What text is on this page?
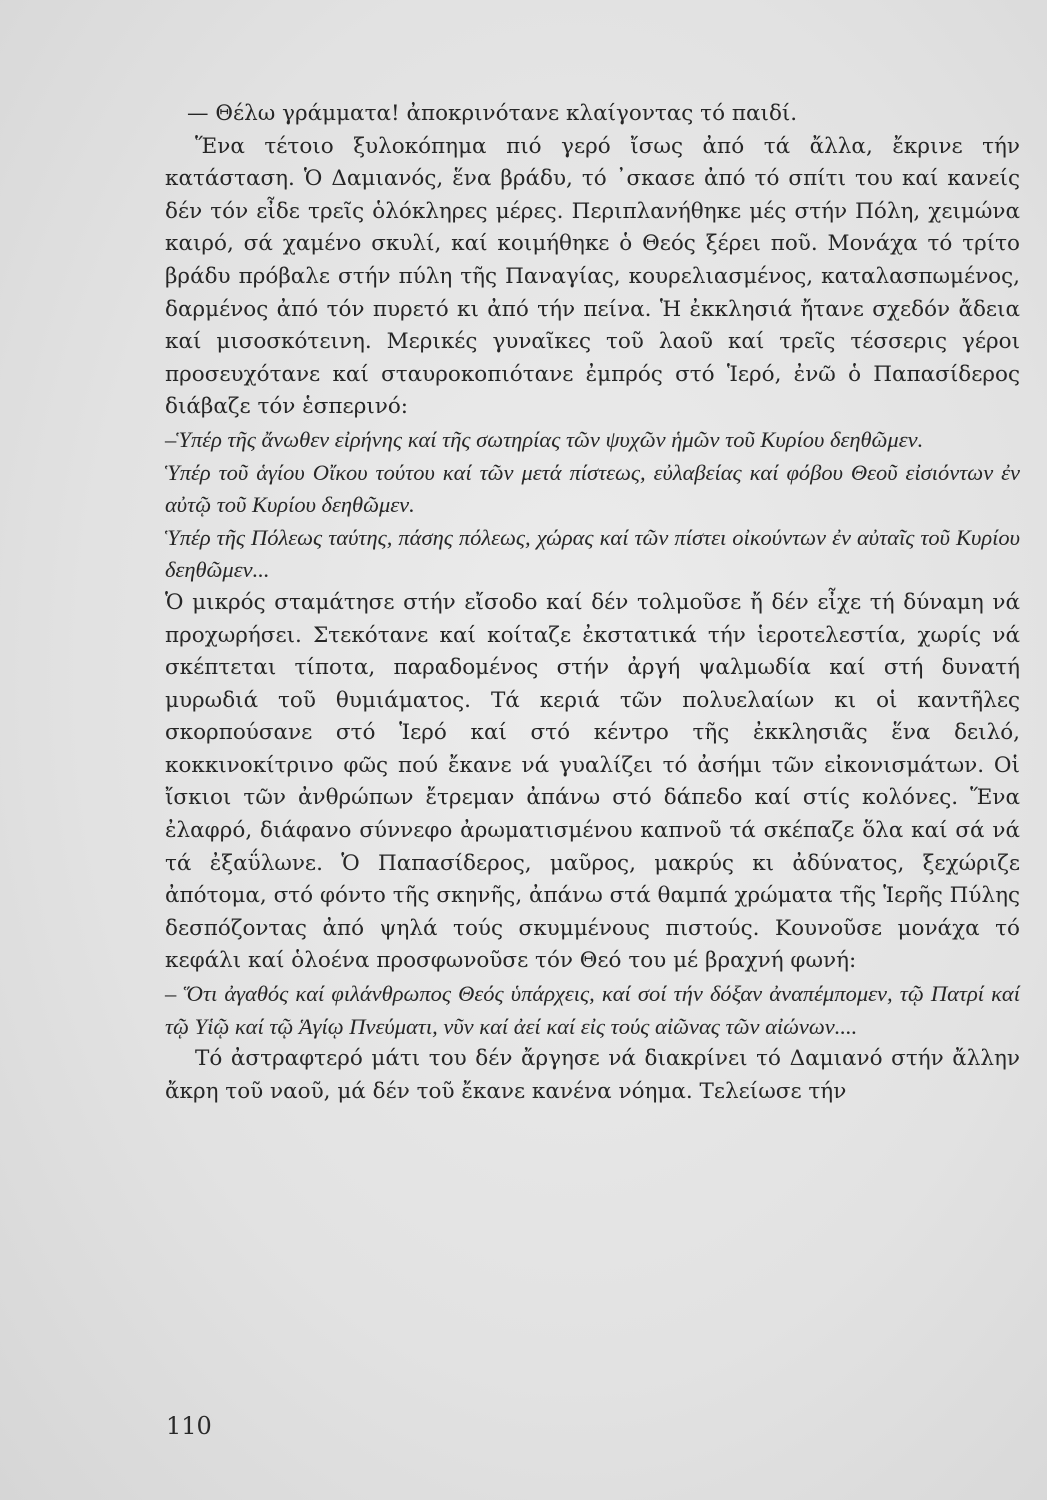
— Θέλω γράμματα! ἀποκρινότανε κλαίγοντας τό παιδί.

Ἕνα τέτοιο ξυλοκόπημα πιό γερό ἴσως ἀπό τά ἄλλα, ἔκρινε τήν κατάσταση. Ὁ Δαμιανός, ἕνα βράδυ, τό ᾽σκασε ἀπό τό σπίτι του καί κανείς δέν τόν εἶδε τρεῖς ὁλόκληρες μέρες. Περιπλανήθηκε μές στήν Πόλη, χειμώνα καιρό, σά χαμένο σκυλί, καί κοιμήθηκε ὁ Θεός ξέρει ποῦ. Μονάχα τό τρίτο βράδυ πρόβαλε στήν πύλη τῆς Παναγίας, κουρελιασμένος, καταλασπωμένος, δαρμένος ἀπό τόν πυρετό κι ἀπό τήν πείνα. Ἡ ἐκκλησιά ἤτανε σχεδόν ἄδεια καί μισοσκότεινη. Μερικές γυναῖκες τοῦ λαοῦ καί τρεῖς τέσσερις γέροι προσευχότανε καί σταυροκοπιότανε ἐμπρός στό Ἱερό, ἐνῶ ὁ Παπασίδερος διάβαζε τόν ἑσπερινό:

–Ὑπέρ τῆς ἄνωθεν εἰρήνης καί τῆς σωτηρίας τῶν ψυχῶν ἡμῶν τοῦ Κυρίου δεηθῶμεν.

Ὑπέρ τοῦ ἁγίου Οἴκου τούτου καί τῶν μετά πίστεως, εὐλαβείας καί φόβου Θεοῦ εἰσιόντων ἐν αὐτῷ τοῦ Κυρίου δεηθῶμεν.

Ὑπέρ τῆς Πόλεως ταύτης, πάσης πόλεως, χώρας καί τῶν πίστει οἰκούντων ἐν αὐταῖς τοῦ Κυρίου δεηθῶμεν...

Ὁ μικρός σταμάτησε στήν εἴσοδο καί δέν τολμοῦσε ἤ δέν εἶχε τή δύναμη νά προχωρήσει. Στεκότανε καί κοίταζε ἐκστατικά τήν ἱεροτελεστία, χωρίς νά σκέπτεται τίποτα, παραδομένος στήν ἀργή ψαλμωδία καί στή δυνατή μυρωδιά τοῦ θυμιάματος. Τά κεριά τῶν πολυελαίων κι οἱ καντῆλες σκορπούσανε στό Ἱερό καί στό κέντρο τῆς ἐκκλησιᾶς ἕνα δειλό, κοκκινοκίτρινο φῶς πού ἔκανε νά γυαλίζει τό ἀσήμι τῶν εἰκονισμάτων. Οἱ ἴσκιοι τῶν ἀνθρώπων ἔτρεμαν ἀπάνω στό δάπεδο καί στίς κολόνες. Ἕνα ἐλαφρό, διάφανο σύννεφο ἀρωματισμένου καπνοῦ τά σκέπαζε ὅλα καί σά νά τά ἐξαΰλωνε. Ὁ Παπασίδερος, μαῦρος, μακρύς κι ἀδύνατος, ξεχώριζε ἀπότομα, στό φόντο τῆς σκηνῆς, ἀπάνω στά θαμπά χρώματα τῆς Ἱερῆς Πύλης δεσπόζοντας ἀπό ψηλά τούς σκυμμένους πιστούς. Κουνοῦσε μονάχα τό κεφάλι καί ὁλοένα προσφωνοῦσε τόν Θεό του μέ βραχνή φωνή:

– Ὅτι ἀγαθός καί φιλάνθρωπος Θεός ὑπάρχεις, καί σοί τήν δόξαν ἀναπέμπομεν, τῷ Πατρί καί τῷ Υἱῷ καί τῷ Ἁγίῳ Πνεύματι, νῦν καί ἀεί καί εἰς τούς αἰῶνας τῶν αἰώνων....

Τό ἀστραφτερό μάτι του δέν ἄργησε νά διακρίνει τό Δαμιανό στήν ἄλλην ἄκρη τοῦ ναοῦ, μά δέν τοῦ ἔκανε κανένα νόημα. Τελείωσε τήν

110
